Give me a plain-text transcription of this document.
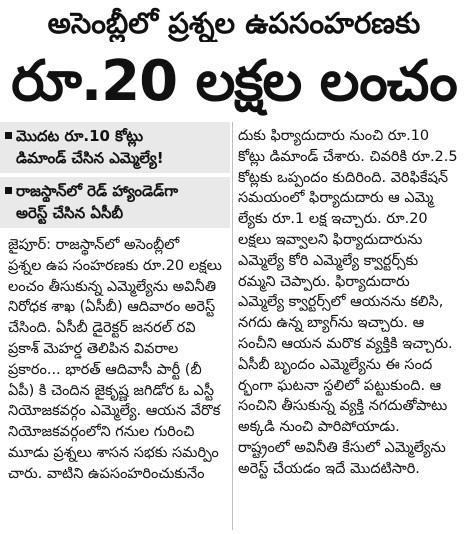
అసెంబ్లీలో ప్రశ్నల ఉపసంహరణకు
రూ.20 లక్షల లంచం
మొదట రూ.10 కోట్లు
డిమాండ్ చేసిన ఎమ్మెల్యే!
రాజస్థాన్‌లో రెడ్ హ్యాండెడ్‌గా
అరెస్ట్ చేసిన ఏసీబీ
జైపూర్: రాజస్థాన్‌లో అసెంబ్లీలో
ప్రశ్నల ఉప సంహరణకు రూ.20 లక్షలు
లంచం తీసుకున్న ఎమ్మెల్యేను అవినీతి
నిరోధక శాఖ (ఏసీబీ) ఆదివారం అరెస్ట్
చేసింది. ఏసీబీ డైరెక్టర్ జనరల్ రవి
ప్రకాశ్ మెహర్డ తెలిపిన వివరాల
ప్రకారం... భారత్ ఆదివాసీ పార్టీ (బీ
ఏపీ) కి చెందిన జైకృష్ణ జగిడోర ఓ ఎస్టీ
నియోజకవర్గం ఎమ్మెల్యే. ఆయన వేరొక
నియోజకవర్గంలోని గనుల గురించి
మూడు ప్రశ్నలు శాసన సభకు సమర్పిం
చారు. వాటిని ఉపసంహరించుకునేం
దుకు ఫిర్యాదుదారు నుంచి రూ.10
కోట్లు డిమాండ్ చేశారు. చివరికి రూ.2.5
కోట్లకు ఒప్పందం కుదిరింది. వెరిఫికేషన్
సమయంలో ఫిర్యాదుదారు ఆ ఎమ్మె
ల్యేకు రూ.1 లక్ష ఇచ్చారు. రూ.20
లక్షలు ఇవ్వాలని ఫిర్యాదుదారును
ఎమ్మెల్యే కోరి ఎమ్మెల్యే క్వార్టర్స్‌కు
రమ్మని చెప్పారు. ఫిర్యాదుదారు
ఎమ్మెల్యే క్వార్టర్స్‌లో ఆయనను కలిసి,
నగదు ఉన్న బ్యాగ్‌ను ఇచ్చారు. ఆ
సంచీని ఆయన మరొక వ్యక్తికి ఇచ్చారు.
ఏసీబీ బృందం ఎమ్మెల్యేను ఈ సంద
ర్భంగా ఘటనా స్థలిలో పట్టుకుంది. ఆ
సంచిని తీసుకున్న వ్యక్తి నగదుతోపాటు
అక్కడి నుంచి పారిపోయాడు.
రాష్ట్రంలో అవినీతి కేసులో ఎమ్మెల్యేను
అరెస్ట్ చేయడం ఇదే మొదటిసారి.
